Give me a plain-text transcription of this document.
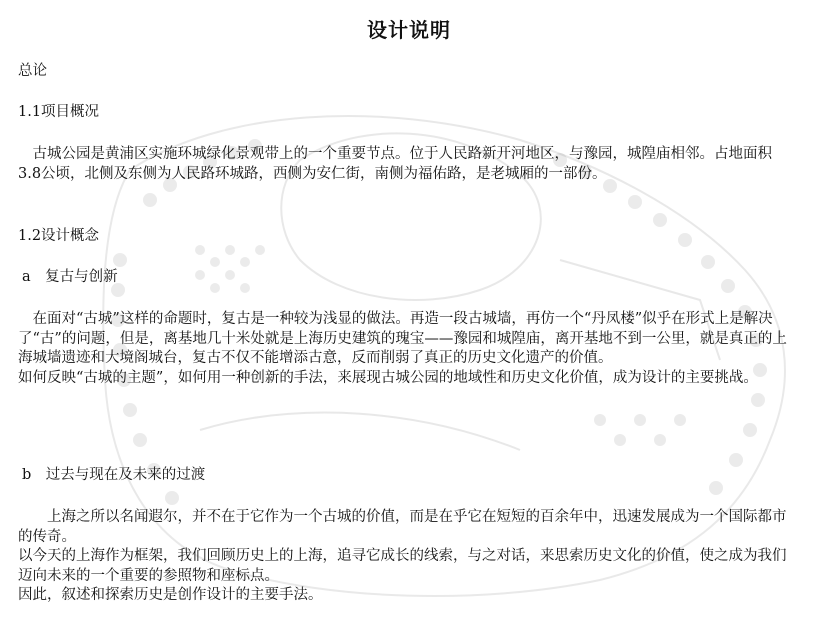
设计说明
总论
1.1项目概况

　古城公园是黄浦区实施环城绿化景观带上的一个重要节点。位于人民路新开河地区，与豫园，城隍庙相邻。占地面积3.8公顷，北侧及东侧为人民路环城路，西侧为安仁街，南侧为福佑路，是老城厢的一部份。

1.2设计概念
a　复古与创新

　在面对“古城”这样的命题时，复古是一种较为浅显的做法。再造一段古城墙，再仿一个“丹凤楼”似乎在形式上是解决了“古”的问题，但是，离基地几十米处就是上海历史建筑的瑰宝——豫园和城隍庙，离开基地不到一公里，就是真正的上海城墙遗迹和大境阁城台，复古不仅不能增添古意，反而削弱了真正的历史文化遗产的价值。

如何反映“古城的主题”，如何用一种创新的手法，来展现古城公园的地域性和历史文化价值，成为设计的主要挑战。

b　过去与现在及未来的过渡

　　上海之所以名闻遐尔，并不在于它作为一个古城的价值，而是在乎它在短短的百余年中，迅速发展成为一个国际都市的传奇。

以今天的上海作为框架，我们回顾历史上的上海，追寻它成长的线索，与之对话，来思索历史文化的价值，使之成为我们迈向未来的一个重要的参照物和座标点。

因此，叙述和探索历史是创作设计的主要手法。
